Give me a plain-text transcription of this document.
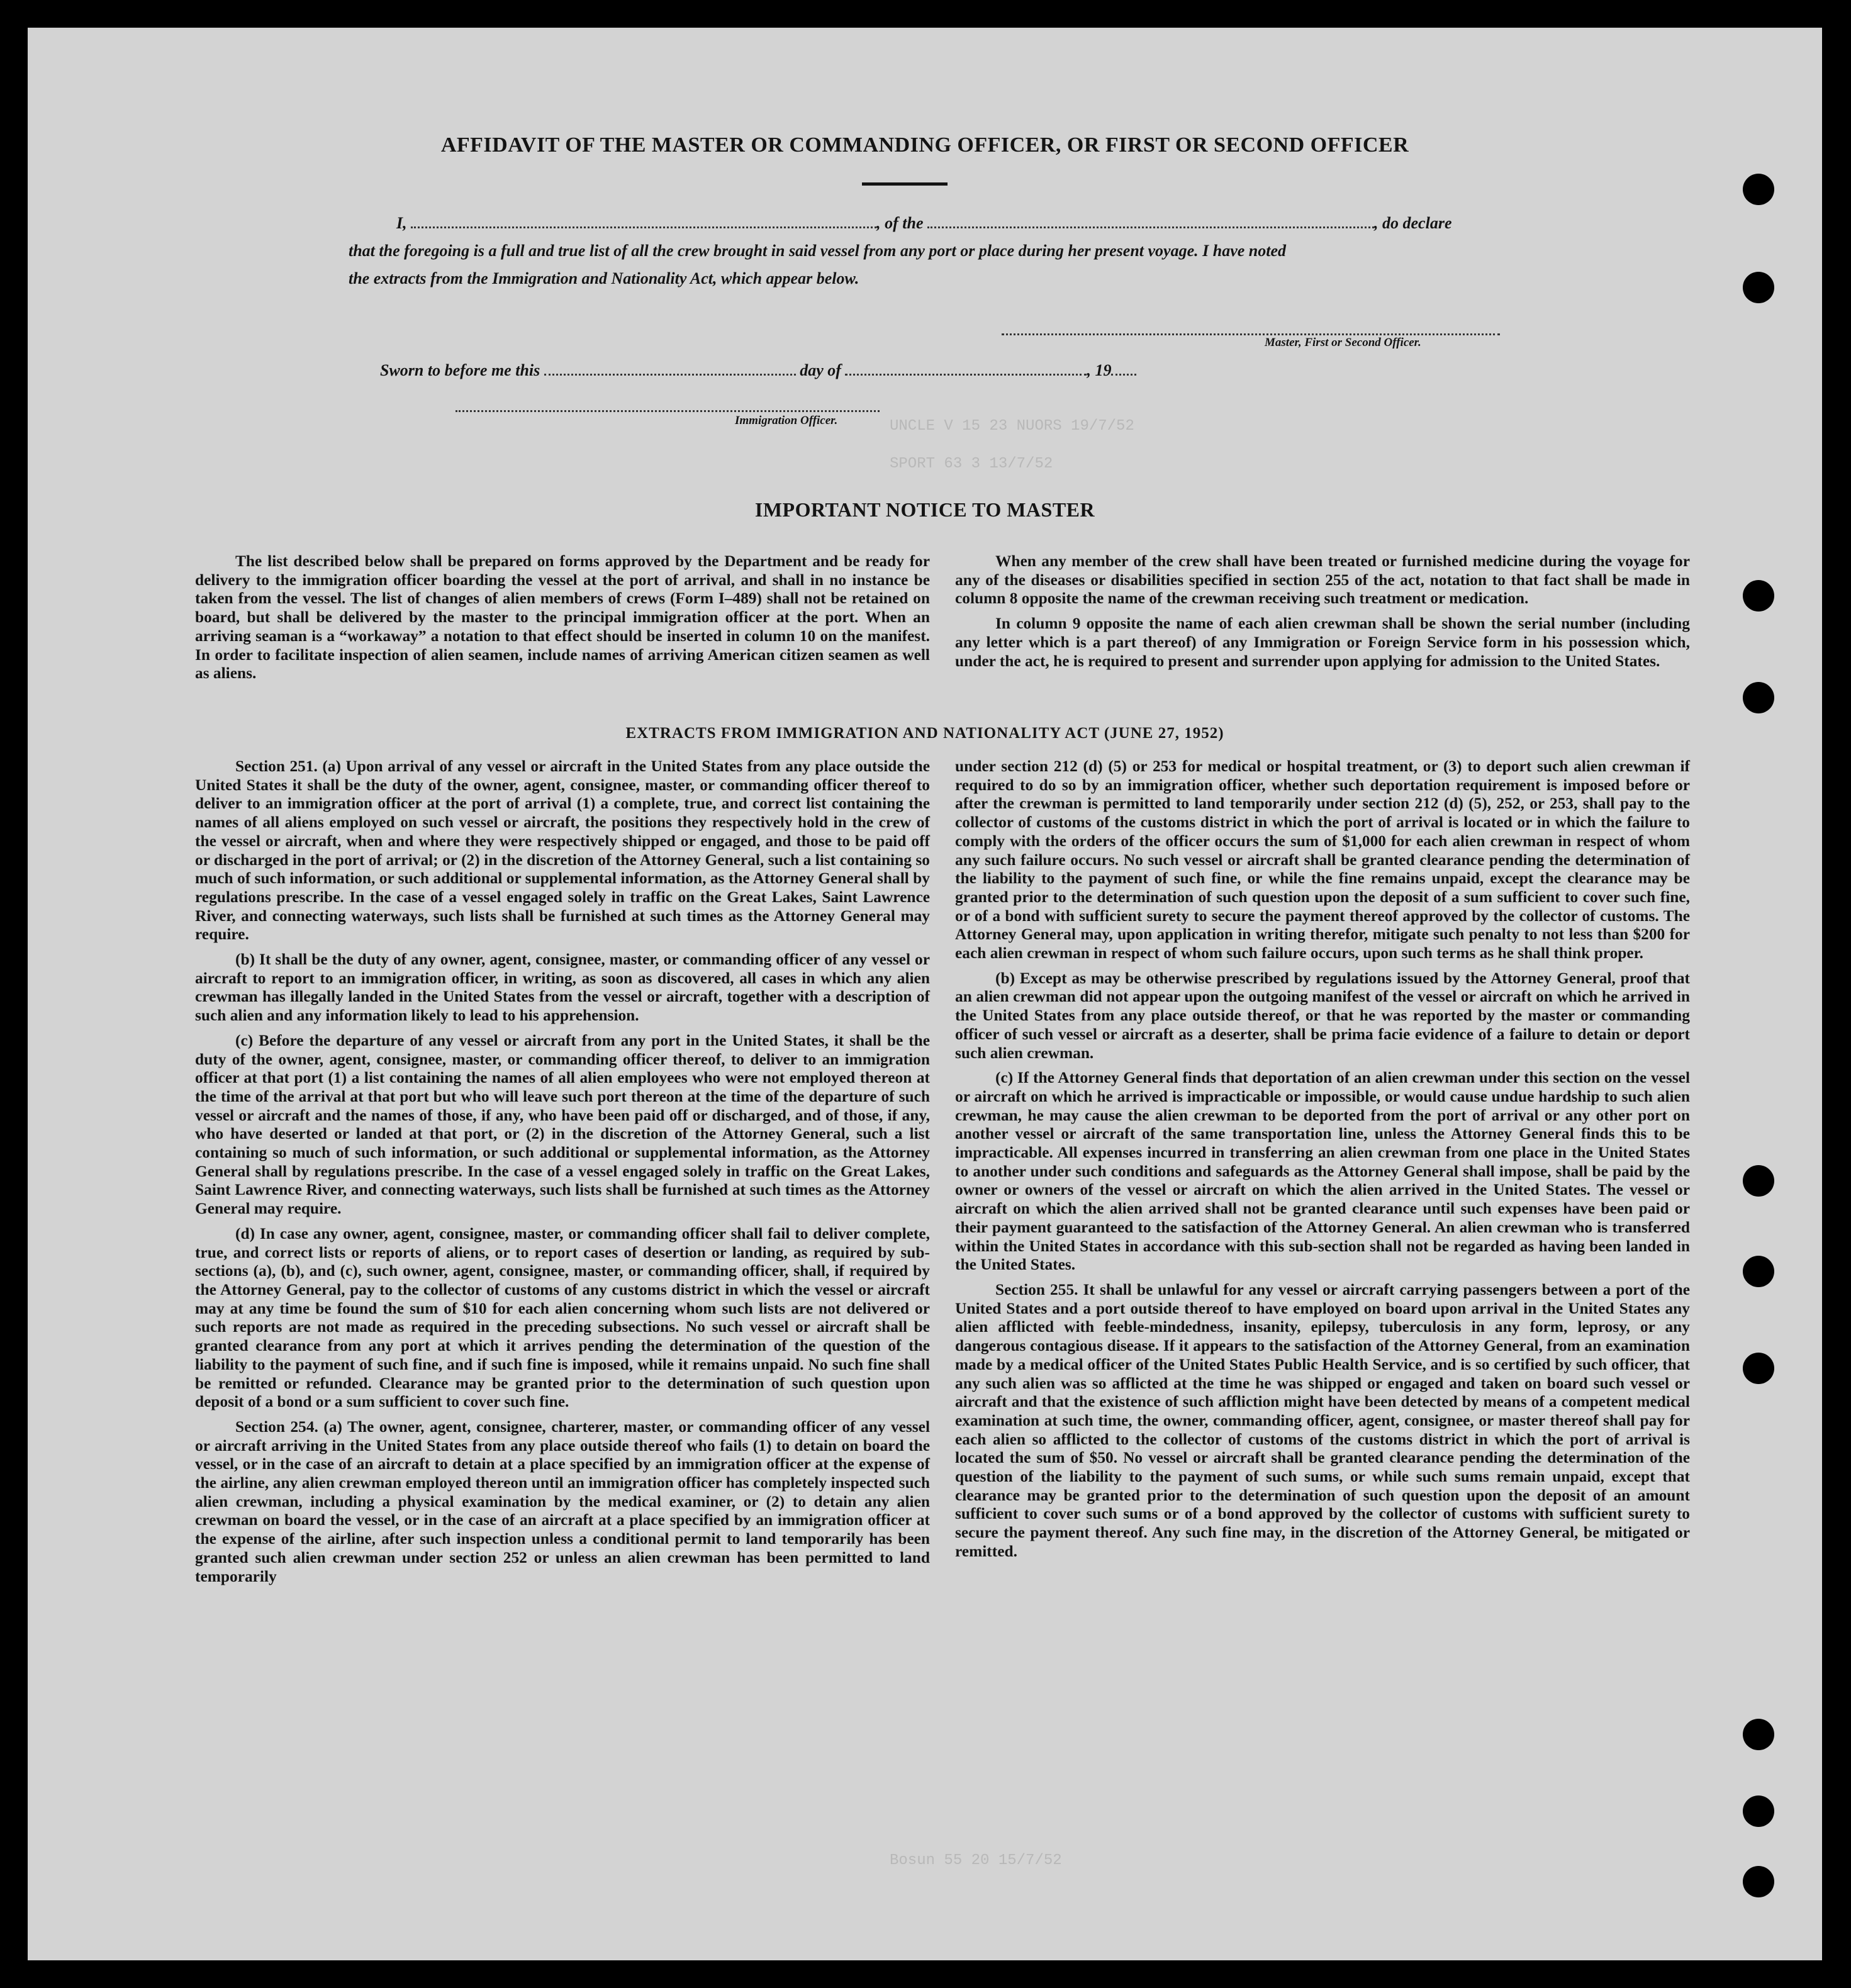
UNCLE V 15 23 NUORS 19/7/52
SPORT 63 3 13/7/52
Bosun 55 20 15/7/52
AFFIDAVIT OF THE MASTER OR COMMANDING OFFICER, OR FIRST OR SECOND OFFICER
I,	, of the	, do declare
that the foregoing is a full and true list of all the crew brought in said vessel from any port or place during her present voyage. I have noted
the extracts from the Immigration and Nationality Act, which appear below.
Master, First or Second Officer.
Sworn to before me this	day of	, 19
Immigration Officer.
IMPORTANT NOTICE TO MASTER

The list described below shall be prepared on forms approved by the Department and be ready for delivery to the immigration officer boarding the vessel at the port of arrival, and shall in no instance be taken from the vessel. The list of changes of alien members of crews (Form I–489) shall not be retained on board, but shall be delivered by the master to the principal immigration officer at the port. When an arriving seaman is a “workaway” a notation to that effect should be inserted in column 10 on the manifest. In order to facilitate inspection of alien seamen, include names of arriving American citizen seamen as well as aliens.

When any member of the crew shall have been treated or furnished medicine during the voyage for any of the diseases or disabilities specified in section 255 of the act, notation to that fact shall be made in column 8 opposite the name of the crewman receiving such treatment or medication.

In column 9 opposite the name of each alien crewman shall be shown the serial number (including any letter which is a part thereof) of any Immigration or Foreign Service form in his possession which, under the act, he is required to present and surrender upon applying for admission to the United States.

EXTRACTS FROM IMMIGRATION AND NATIONALITY ACT (JUNE 27, 1952)

Section 251. (a) Upon arrival of any vessel or aircraft in the United States from any place outside the United States it shall be the duty of the owner, agent, consignee, master, or commanding officer thereof to deliver to an immigration officer at the port of arrival (1) a complete, true, and correct list containing the names of all aliens employed on such vessel or aircraft, the positions they respectively hold in the crew of the vessel or aircraft, when and where they were respectively shipped or engaged, and those to be paid off or discharged in the port of arrival; or (2) in the discretion of the Attorney General, such a list containing so much of such information, or such additional or supplemental information, as the Attorney General shall by regulations prescribe. In the case of a vessel engaged solely in traffic on the Great Lakes, Saint Lawrence River, and connecting waterways, such lists shall be furnished at such times as the Attorney General may require.

(b) It shall be the duty of any owner, agent, consignee, master, or commanding officer of any vessel or aircraft to report to an immigration officer, in writing, as soon as discovered, all cases in which any alien crewman has illegally landed in the United States from the vessel or aircraft, together with a description of such alien and any information likely to lead to his apprehension.

(c) Before the departure of any vessel or aircraft from any port in the United States, it shall be the duty of the owner, agent, consignee, master, or commanding officer thereof, to deliver to an immigration officer at that port (1) a list containing the names of all alien employees who were not employed thereon at the time of the arrival at that port but who will leave such port thereon at the time of the departure of such vessel or aircraft and the names of those, if any, who have been paid off or discharged, and of those, if any, who have deserted or landed at that port, or (2) in the discretion of the Attorney General, such a list containing so much of such information, or such additional or supplemental information, as the Attorney General shall by regulations prescribe. In the case of a vessel engaged solely in traffic on the Great Lakes, Saint Lawrence River, and connecting waterways, such lists shall be furnished at such times as the Attorney General may require.

(d) In case any owner, agent, consignee, master, or commanding officer shall fail to deliver complete, true, and correct lists or reports of aliens, or to report cases of desertion or landing, as required by sub-sections (a), (b), and (c), such owner, agent, consignee, master, or commanding officer, shall, if required by the Attorney General, pay to the collector of customs of any customs district in which the vessel or aircraft may at any time be found the sum of $10 for each alien concerning whom such lists are not delivered or such reports are not made as required in the preceding subsections. No such vessel or aircraft shall be granted clearance from any port at which it arrives pending the determination of the question of the liability to the payment of such fine, and if such fine is imposed, while it remains unpaid. No such fine shall be remitted or refunded. Clearance may be granted prior to the determination of such question upon deposit of a bond or a sum sufficient to cover such fine.

Section 254. (a) The owner, agent, consignee, charterer, master, or commanding officer of any vessel or aircraft arriving in the United States from any place outside thereof who fails (1) to detain on board the vessel, or in the case of an aircraft to detain at a place specified by an immigration officer at the expense of the airline, any alien crewman employed thereon until an immigration officer has completely inspected such alien crewman, including a physical examination by the medical examiner, or (2) to detain any alien crewman on board the vessel, or in the case of an aircraft at a place specified by an immigration officer at the expense of the airline, after such inspection unless a conditional permit to land temporarily has been granted such alien crewman under section 252 or unless an alien crewman has been permitted to land temporarily

under section 212 (d) (5) or 253 for medical or hospital treatment, or (3) to deport such alien crewman if required to do so by an immigration officer, whether such deportation requirement is imposed before or after the crewman is permitted to land temporarily under section 212 (d) (5), 252, or 253, shall pay to the collector of customs of the customs district in which the port of arrival is located or in which the failure to comply with the orders of the officer occurs the sum of $1,000 for each alien crewman in respect of whom any such failure occurs. No such vessel or aircraft shall be granted clearance pending the determination of the liability to the payment of such fine, or while the fine remains unpaid, except the clearance may be granted prior to the determination of such question upon the deposit of a sum sufficient to cover such fine, or of a bond with sufficient surety to secure the payment thereof approved by the collector of customs. The Attorney General may, upon application in writing therefor, mitigate such penalty to not less than $200 for each alien crewman in respect of whom such failure occurs, upon such terms as he shall think proper.

(b) Except as may be otherwise prescribed by regulations issued by the Attorney General, proof that an alien crewman did not appear upon the outgoing manifest of the vessel or aircraft on which he arrived in the United States from any place outside thereof, or that he was reported by the master or commanding officer of such vessel or aircraft as a deserter, shall be prima facie evidence of a failure to detain or deport such alien crewman.

(c) If the Attorney General finds that deportation of an alien crewman under this section on the vessel or aircraft on which he arrived is impracticable or impossible, or would cause undue hardship to such alien crewman, he may cause the alien crewman to be deported from the port of arrival or any other port on another vessel or aircraft of the same transportation line, unless the Attorney General finds this to be impracticable. All expenses incurred in transferring an alien crewman from one place in the United States to another under such conditions and safeguards as the Attorney General shall impose, shall be paid by the owner or owners of the vessel or aircraft on which the alien arrived in the United States. The vessel or aircraft on which the alien arrived shall not be granted clearance until such expenses have been paid or their payment guaranteed to the satisfaction of the Attorney General. An alien crewman who is transferred within the United States in accordance with this sub-section shall not be regarded as having been landed in the United States.

Section 255. It shall be unlawful for any vessel or aircraft carrying passengers between a port of the United States and a port outside thereof to have employed on board upon arrival in the United States any alien afflicted with feeble-mindedness, insanity, epilepsy, tuberculosis in any form, leprosy, or any dangerous contagious disease. If it appears to the satisfaction of the Attorney General, from an examination made by a medical officer of the United States Public Health Service, and is so certified by such officer, that any such alien was so afflicted at the time he was shipped or engaged and taken on board such vessel or aircraft and that the existence of such affliction might have been detected by means of a competent medical examination at such time, the owner, commanding officer, agent, consignee, or master thereof shall pay for each alien so afflicted to the collector of customs of the customs district in which the port of arrival is located the sum of $50. No vessel or aircraft shall be granted clearance pending the determination of the question of the liability to the payment of such sums, or while such sums remain unpaid, except that clearance may be granted prior to the determination of such question upon the deposit of an amount sufficient to cover such sums or of a bond approved by the collector of customs with sufficient surety to secure the payment thereof. Any such fine may, in the discretion of the Attorney General, be mitigated or remitted.
